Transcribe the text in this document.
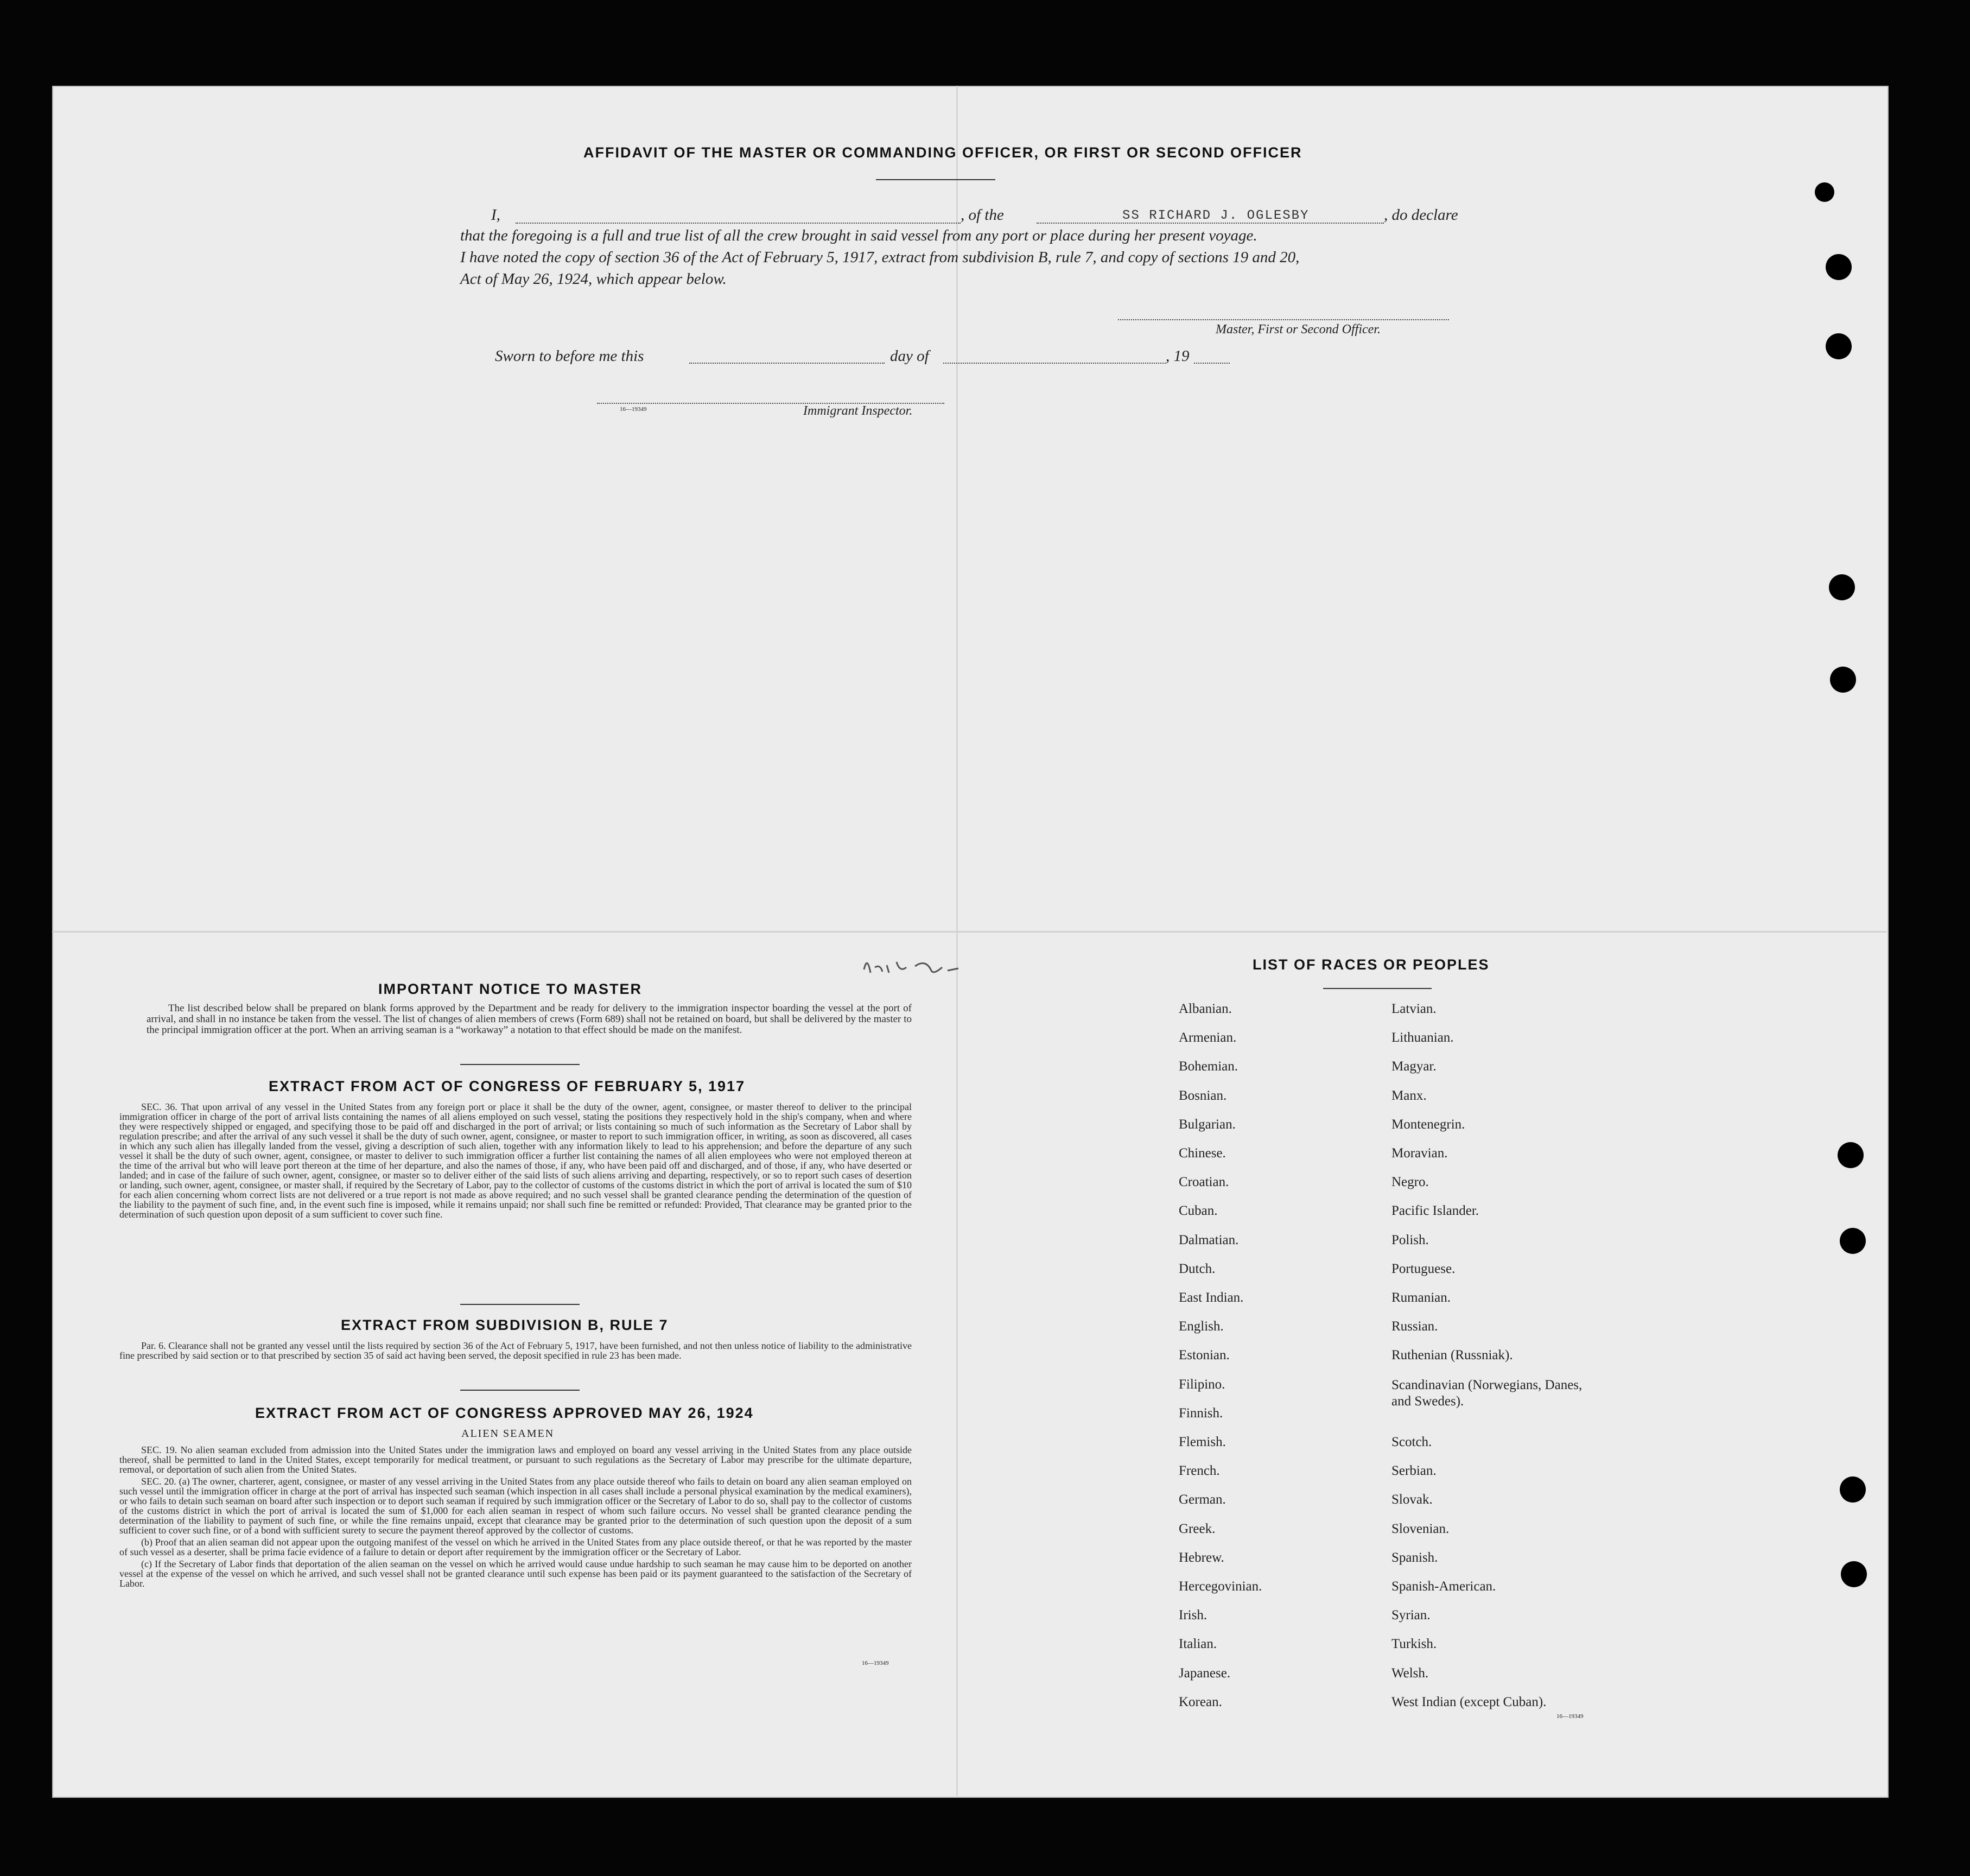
AFFIDAVIT OF THE MASTER OR COMMANDING OFFICER, OR FIRST OR SECOND OFFICER
I,	, of the	SS RICHARD J. OGLESBY	, do declare
that the foregoing is a full and true list of all the crew brought in said vessel from any port or place during her present voyage.
I have noted the copy of section 36 of the Act of February 5, 1917, extract from subdivision B, rule 7, and copy of sections 19 and 20,
Act of May 26, 1924, which appear below.
Master, First or Second Officer.
Sworn to before me this	day of	, 19
16—19349	Immigrant Inspector.
IMPORTANT NOTICE TO MASTER

The list described below shall be prepared on blank forms approved by the Department and be ready for delivery to the immigration inspector boarding the vessel at the port of arrival, and shall in no instance be taken from the vessel. The list of changes of alien members of crews (Form 689) shall not be retained on board, but shall be delivered by the master to the principal immigration officer at the port. When an arriving seaman is a “workaway” a notation to that effect should be made on the manifest.

EXTRACT FROM ACT OF CONGRESS OF FEBRUARY 5, 1917

SEC. 36. That upon arrival of any vessel in the United States from any foreign port or place it shall be the duty of the owner, agent, consignee, or master thereof to deliver to the principal immigration officer in charge of the port of arrival lists containing the names of all aliens employed on such vessel, stating the positions they respectively hold in the ship's company, when and where they were respectively shipped or engaged, and specifying those to be paid off and discharged in the port of arrival; or lists containing so much of such information as the Secretary of Labor shall by regulation prescribe; and after the arrival of any such vessel it shall be the duty of such owner, agent, consignee, or master to report to such immigration officer, in writing, as soon as discovered, all cases in which any such alien has illegally landed from the vessel, giving a description of such alien, together with any information likely to lead to his apprehension; and before the departure of any such vessel it shall be the duty of such owner, agent, consignee, or master to deliver to such immigration officer a further list containing the names of all alien employees who were not employed thereon at the time of the arrival but who will leave port thereon at the time of her departure, and also the names of those, if any, who have been paid off and discharged, and of those, if any, who have deserted or landed; and in case of the failure of such owner, agent, consignee, or master so to deliver either of the said lists of such aliens arriving and departing, respectively, or so to report such cases of desertion or landing, such owner, agent, consignee, or master shall, if required by the Secretary of Labor, pay to the collector of customs of the customs district in which the port of arrival is located the sum of $10 for each alien concerning whom correct lists are not delivered or a true report is not made as above required; and no such vessel shall be granted clearance pending the determination of the question of the liability to the payment of such fine, and, in the event such fine is imposed, while it remains unpaid; nor shall such fine be remitted or refunded: Provided, That clearance may be granted prior to the determination of such question upon deposit of a sum sufficient to cover such fine.

EXTRACT FROM SUBDIVISION B, RULE 7

Par. 6. Clearance shall not be granted any vessel until the lists required by section 36 of the Act of February 5, 1917, have been furnished, and not then unless notice of liability to the administrative fine prescribed by said section or to that prescribed by section 35 of said act having been served, the deposit specified in rule 23 has been made.

EXTRACT FROM ACT OF CONGRESS APPROVED MAY 26, 1924
ALIEN SEAMEN

SEC. 19. No alien seaman excluded from admission into the United States under the immigration laws and employed on board any vessel arriving in the United States from any place outside thereof, shall be permitted to land in the United States, except temporarily for medical treatment, or pursuant to such regulations as the Secretary of Labor may prescribe for the ultimate departure, removal, or deportation of such alien from the United States.

SEC. 20. (a) The owner, charterer, agent, consignee, or master of any vessel arriving in the United States from any place outside thereof who fails to detain on board any alien seaman employed on such vessel until the immigration officer in charge at the port of arrival has inspected such seaman (which inspection in all cases shall include a personal physical examination by the medical examiners), or who fails to detain such seaman on board after such inspection or to deport such seaman if required by such immigration officer or the Secretary of Labor to do so, shall pay to the collector of customs of the customs district in which the port of arrival is located the sum of $1,000 for each alien seaman in respect of whom such failure occurs. No vessel shall be granted clearance pending the determination of the liability to payment of such fine, or while the fine remains unpaid, except that clearance may be granted prior to the determination of such question upon the deposit of a sum sufficient to cover such fine, or of a bond with sufficient surety to secure the payment thereof approved by the collector of customs.

(b) Proof that an alien seaman did not appear upon the outgoing manifest of the vessel on which he arrived in the United States from any place outside thereof, or that he was reported by the master of such vessel as a deserter, shall be prima facie evidence of a failure to detain or deport after requirement by the immigration officer or the Secretary of Labor.

(c) If the Secretary of Labor finds that deportation of the alien seaman on the vessel on which he arrived would cause undue hardship to such seaman he may cause him to be deported on another vessel at the expense of the vessel on which he arrived, and such vessel shall not be granted clearance until such expense has been paid or its payment guaranteed to the satisfaction of the Secretary of Labor.

16—19349
LIST OF RACES OR PEOPLES
Albanian.
Armenian.
Bohemian.
Bosnian.
Bulgarian.
Chinese.
Croatian.
Cuban.
Dalmatian.
Dutch.
East Indian.
English.
Estonian.
Filipino.
Finnish.
Flemish.
French.
German.
Greek.
Hebrew.
Hercegovinian.
Irish.
Italian.
Japanese.
Korean.
Latvian.
Lithuanian.
Magyar.
Manx.
Montenegrin.
Moravian.
Negro.
Pacific Islander.
Polish.
Portuguese.
Rumanian.
Russian.
Ruthenian (Russniak).
Scandinavian (Norwegians, Danes, and Swedes).
Scotch.
Serbian.
Slovak.
Slovenian.
Spanish.
Spanish-American.
Syrian.
Turkish.
Welsh.
West Indian (except Cuban).
16—19349
